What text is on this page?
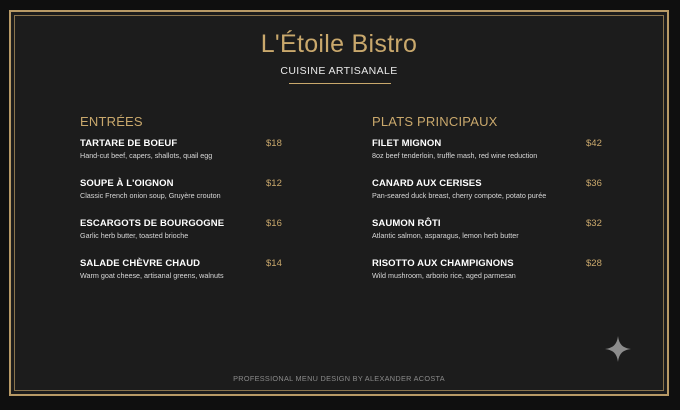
L'Étoile Bistro
CUISINE ARTISANALE
ENTRÉES
TARTARE DE BOEUF	$18
Hand-cut beef, capers, shallots, quail egg
SOUPE À L'OIGNON	$12
Classic French onion soup, Gruyère crouton
ESCARGOTS DE BOURGOGNE	$16
Garlic herb butter, toasted brioche
SALADE CHÈVRE CHAUD	$14
Warm goat cheese, artisanal greens, walnuts
PLATS PRINCIPAUX
FILET MIGNON	$42
8oz beef tenderloin, truffle mash, red wine reduction
CANARD AUX CERISES	$36
Pan-seared duck breast, cherry compote, potato purée
SAUMON RÔTI	$32
Atlantic salmon, asparagus, lemon herb butter
RISOTTO AUX CHAMPIGNONS	$28
Wild mushroom, arborio rice, aged parmesan
PROFESSIONAL MENU DESIGN BY ALEXANDER ACOSTA
